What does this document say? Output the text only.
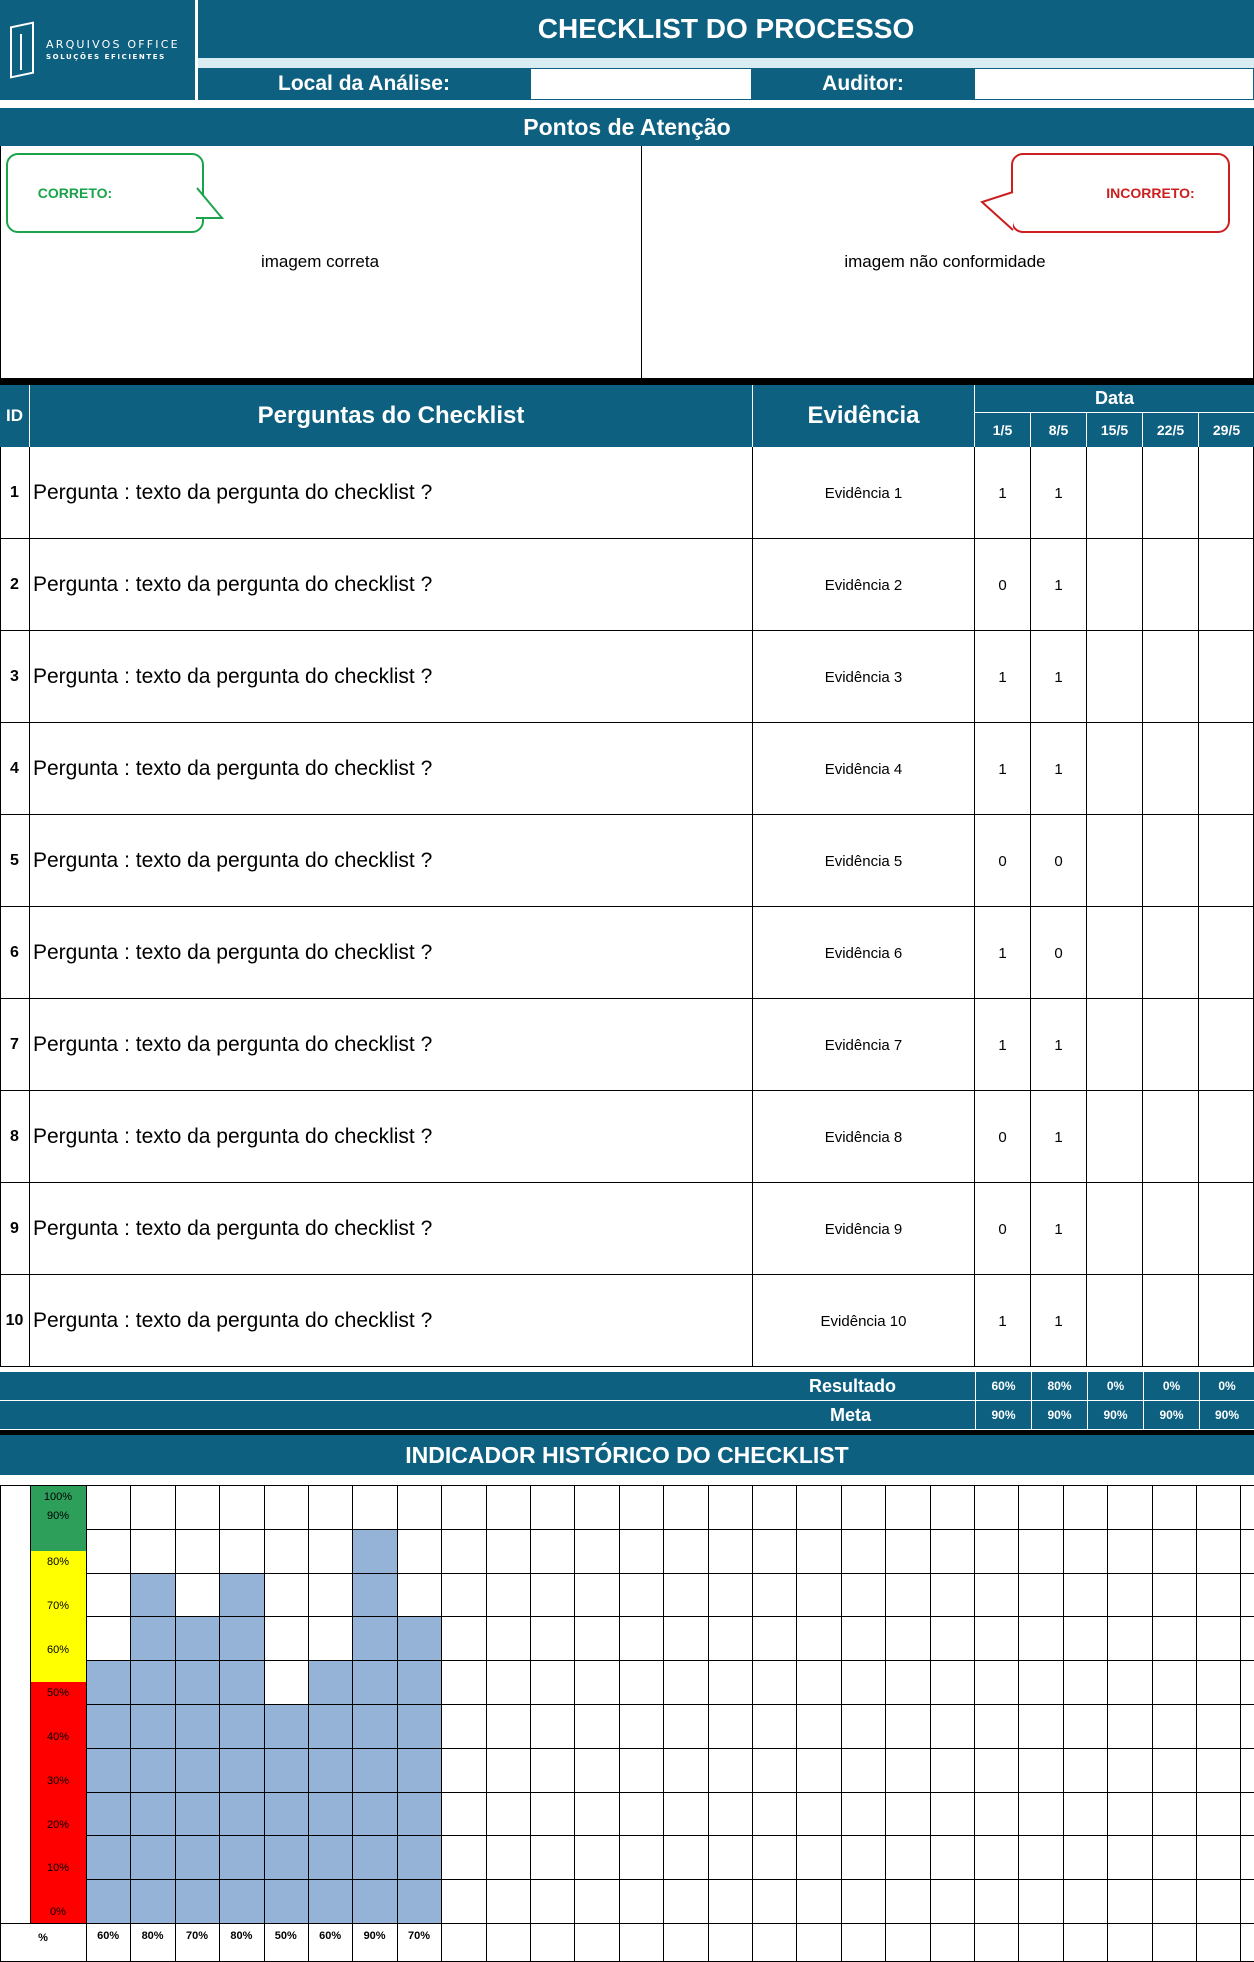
ARQUIVOS OFFICE
SOLUÇÕES EFICIENTES
CHECKLIST DO PROCESSO
Local da Análise:	Auditor:
Pontos de Atenção
CORRETO:	INCORRETO:
imagem correta	imagem não conformidade
ID	Perguntas do Checklist	Evidência
Data
1/5	8/5	15/5	22/5	29/5
1 Pergunta : texto da pergunta do checklist ?	Evidência 1	1	1
2 Pergunta : texto da pergunta do checklist ?	Evidência 2	0	1
3 Pergunta : texto da pergunta do checklist ?	Evidência 3	1	1
4 Pergunta : texto da pergunta do checklist ?	Evidência 4	1	1
5 Pergunta : texto da pergunta do checklist ?	Evidência 5	0	0
6 Pergunta : texto da pergunta do checklist ?	Evidência 6	1	0
7 Pergunta : texto da pergunta do checklist ?	Evidência 7	1	1
8 Pergunta : texto da pergunta do checklist ?	Evidência 8	0	1
9 Pergunta : texto da pergunta do checklist ?	Evidência 9	0	1
10 Pergunta : texto da pergunta do checklist ?	Evidência 10	1	1
Resultado	60%	80%	0%	0%	0%
Meta	90%	90%	90%	90%	90%
INDICADOR HISTÓRICO DO CHECKLIST
100%
90%
80%
70%
60%
50%
40%
30%
20%
10%
0%
%	60%	80%	70%	80%	50%	60%	90%	70%
